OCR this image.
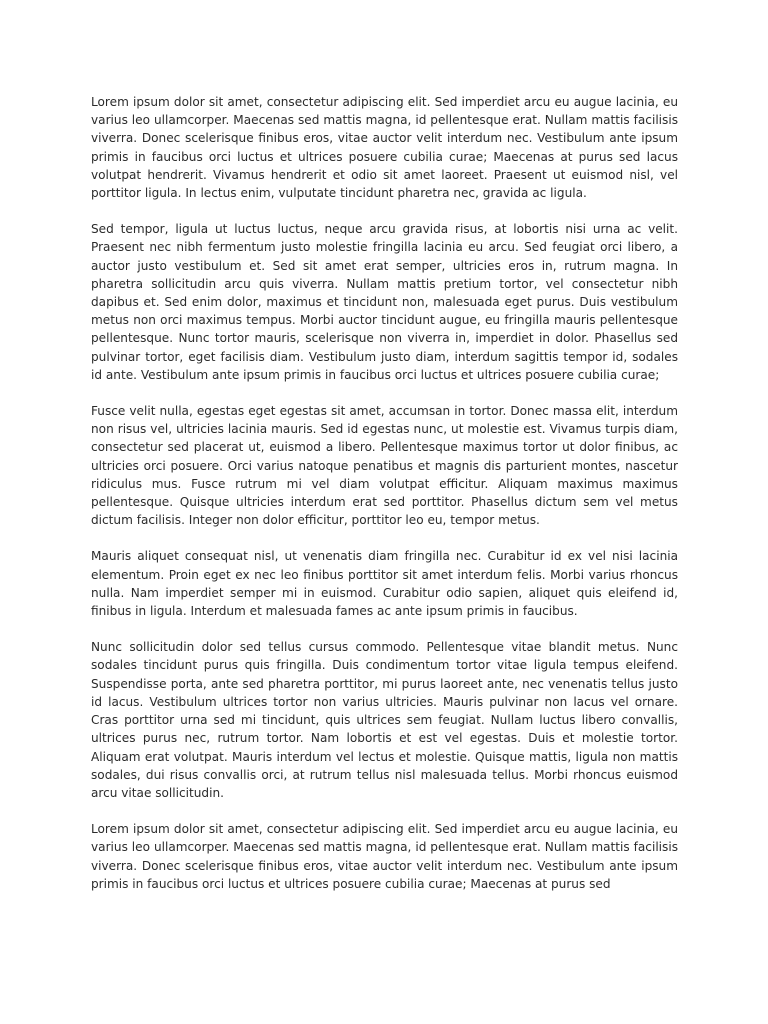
Lorem ipsum dolor sit amet, consectetur adipiscing elit. Sed imperdiet arcu eu augue lacinia, eu varius leo ullamcorper. Maecenas sed mattis magna, id pellentesque erat. Nullam mattis facilisis viverra. Donec scelerisque finibus eros, vitae auctor velit interdum nec. Vestibulum ante ipsum primis in faucibus orci luctus et ultrices posuere cubilia curae; Maecenas at purus sed lacus volutpat hendrerit. Vivamus hendrerit et odio sit amet laoreet. Praesent ut euismod nisl, vel porttitor ligula. In lectus enim, vulputate tincidunt pharetra nec, gravida ac ligula.

Sed tempor, ligula ut luctus luctus, neque arcu gravida risus, at lobortis nisi urna ac velit. Praesent nec nibh fermentum justo molestie fringilla lacinia eu arcu. Sed feugiat orci libero, a auctor justo vestibulum et. Sed sit amet erat semper, ultricies eros in, rutrum magna. In pharetra sollicitudin arcu quis viverra. Nullam mattis pretium tortor, vel consectetur nibh dapibus et. Sed enim dolor, maximus et tincidunt non, malesuada eget purus. Duis vestibulum metus non orci maximus tempus. Morbi auctor tincidunt augue, eu fringilla mauris pellentesque pellentesque. Nunc tortor mauris, scelerisque non viverra in, imperdiet in dolor. Phasellus sed pulvinar tortor, eget facilisis diam. Vestibulum justo diam, interdum sagittis tempor id, sodales id ante. Vestibulum ante ipsum primis in faucibus orci luctus et ultrices posuere cubilia curae;

Fusce velit nulla, egestas eget egestas sit amet, accumsan in tortor. Donec massa elit, interdum non risus vel, ultricies lacinia mauris. Sed id egestas nunc, ut molestie est. Vivamus turpis diam, consectetur sed placerat ut, euismod a libero. Pellentesque maximus tortor ut dolor finibus, ac ultricies orci posuere. Orci varius natoque penatibus et magnis dis parturient montes, nascetur ridiculus mus. Fusce rutrum mi vel diam volutpat efficitur. Aliquam maximus maximus pellentesque. Quisque ultricies interdum erat sed porttitor. Phasellus dictum sem vel metus dictum facilisis. Integer non dolor efficitur, porttitor leo eu, tempor metus.

Mauris aliquet consequat nisl, ut venenatis diam fringilla nec. Curabitur id ex vel nisi lacinia elementum. Proin eget ex nec leo finibus porttitor sit amet interdum felis. Morbi varius rhoncus nulla. Nam imperdiet semper mi in euismod. Curabitur odio sapien, aliquet quis eleifend id, finibus in ligula. Interdum et malesuada fames ac ante ipsum primis in faucibus.

Nunc sollicitudin dolor sed tellus cursus commodo. Pellentesque vitae blandit metus. Nunc sodales tincidunt purus quis fringilla. Duis condimentum tortor vitae ligula tempus eleifend. Suspendisse porta, ante sed pharetra porttitor, mi purus laoreet ante, nec venenatis tellus justo id lacus. Vestibulum ultrices tortor non varius ultricies. Mauris pulvinar non lacus vel ornare. Cras porttitor urna sed mi tincidunt, quis ultrices sem feugiat. Nullam luctus libero convallis, ultrices purus nec, rutrum tortor. Nam lobortis et est vel egestas. Duis et molestie tortor. Aliquam erat volutpat. Mauris interdum vel lectus et molestie. Quisque mattis, ligula non mattis sodales, dui risus convallis orci, at rutrum tellus nisl malesuada tellus. Morbi rhoncus euismod arcu vitae sollicitudin.

Lorem ipsum dolor sit amet, consectetur adipiscing elit. Sed imperdiet arcu eu augue lacinia, eu varius leo ullamcorper. Maecenas sed mattis magna, id pellentesque erat. Nullam mattis facilisis viverra. Donec scelerisque finibus eros, vitae auctor velit interdum nec. Vestibulum ante ipsum primis in faucibus orci luctus et ultrices posuere cubilia curae; Maecenas at purus sed
